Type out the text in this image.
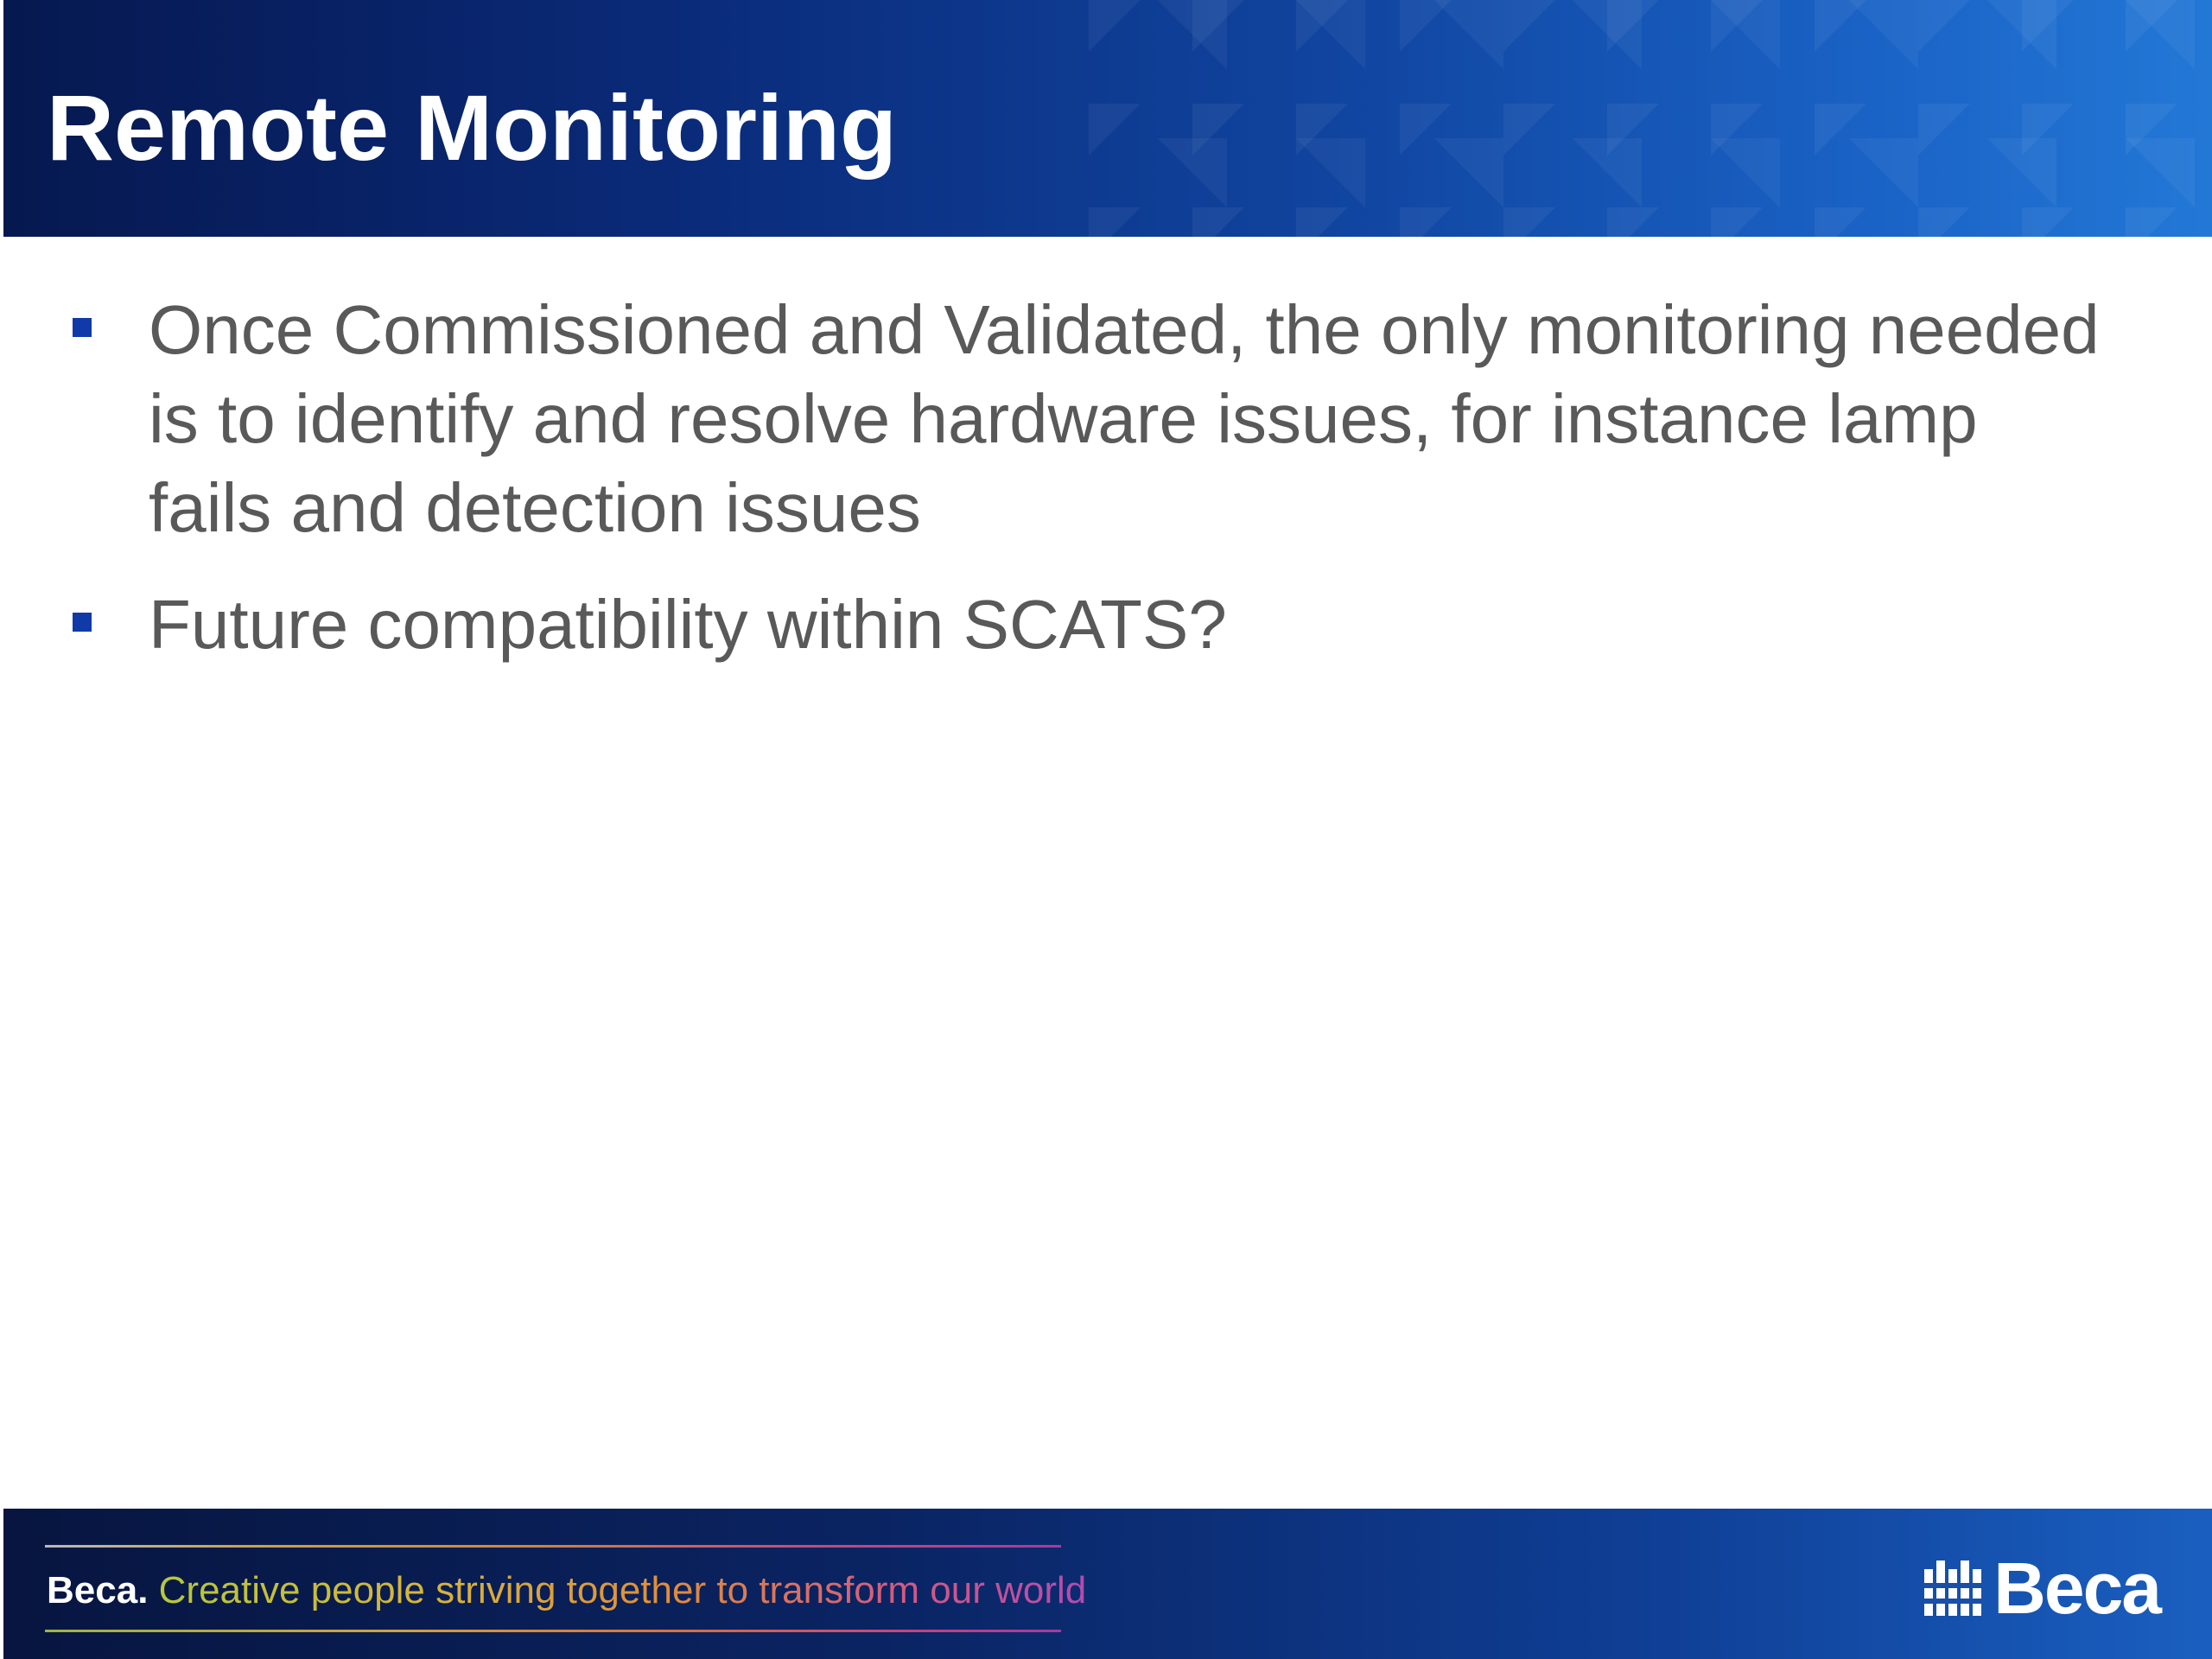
Remote Monitoring
Once Commissioned and Validated, the only monitoring needed is to identify and resolve hardware issues, for instance lamp fails and detection issues
Future compatibility within SCATS?
Beca. Creative people striving together to transform our world	Beca
